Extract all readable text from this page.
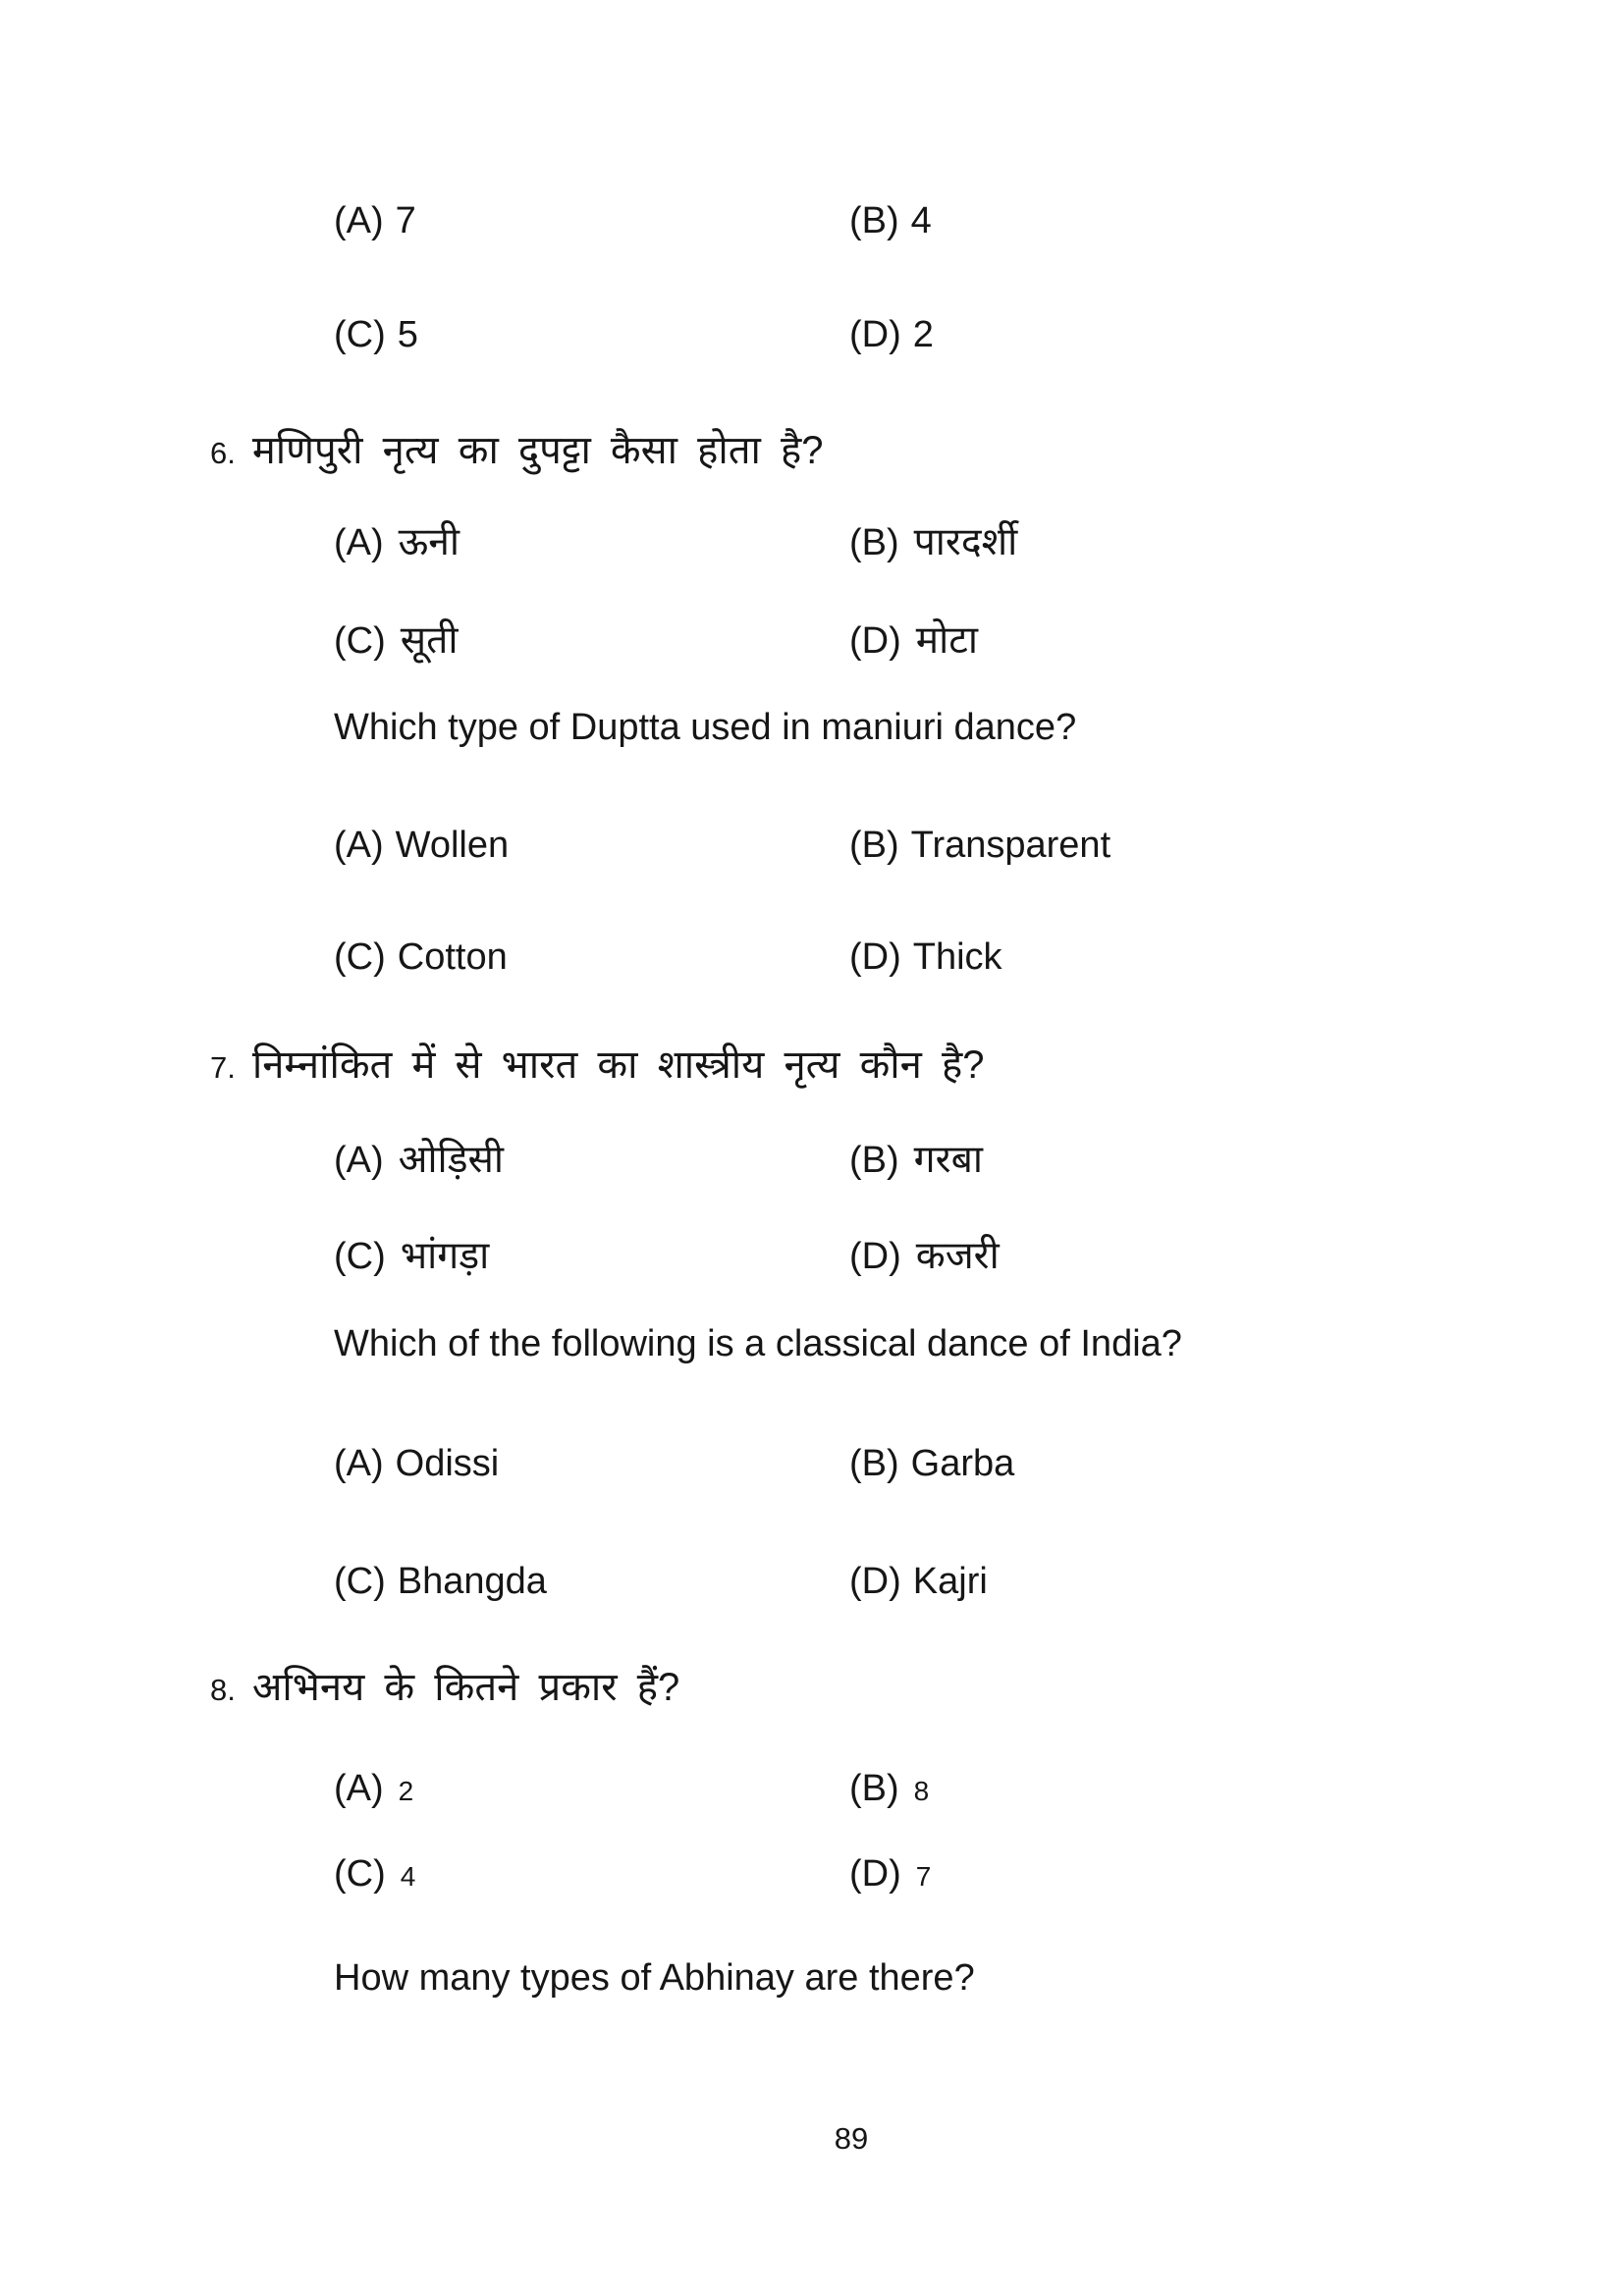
(A) 7	(B) 4
(C) 5	(D) 2
6. मणिपुरी नृत्य का दुपट्टा कैसा होता है?
(A) ऊनी	(B) पारदर्शी
(C) सूती	(D) मोटा
Which type of Duptta used in maniuri dance?
(A) Wollen	(B) Transparent
(C) Cotton	(D) Thick
7. निम्नांकित में से भारत का शास्त्रीय नृत्य कौन है?
(A) ओड़िसी	(B) गरबा
(C) भांगड़ा	(D) कजरी
Which of the following is a classical dance of India?
(A) Odissi	(B) Garba
(C) Bhangda	(D) Kajri
8. अभिनय के कितने प्रकार हैं?
(A) 2	(B) 8
(C) 4	(D) 7
How many types of Abhinay are there?
89
